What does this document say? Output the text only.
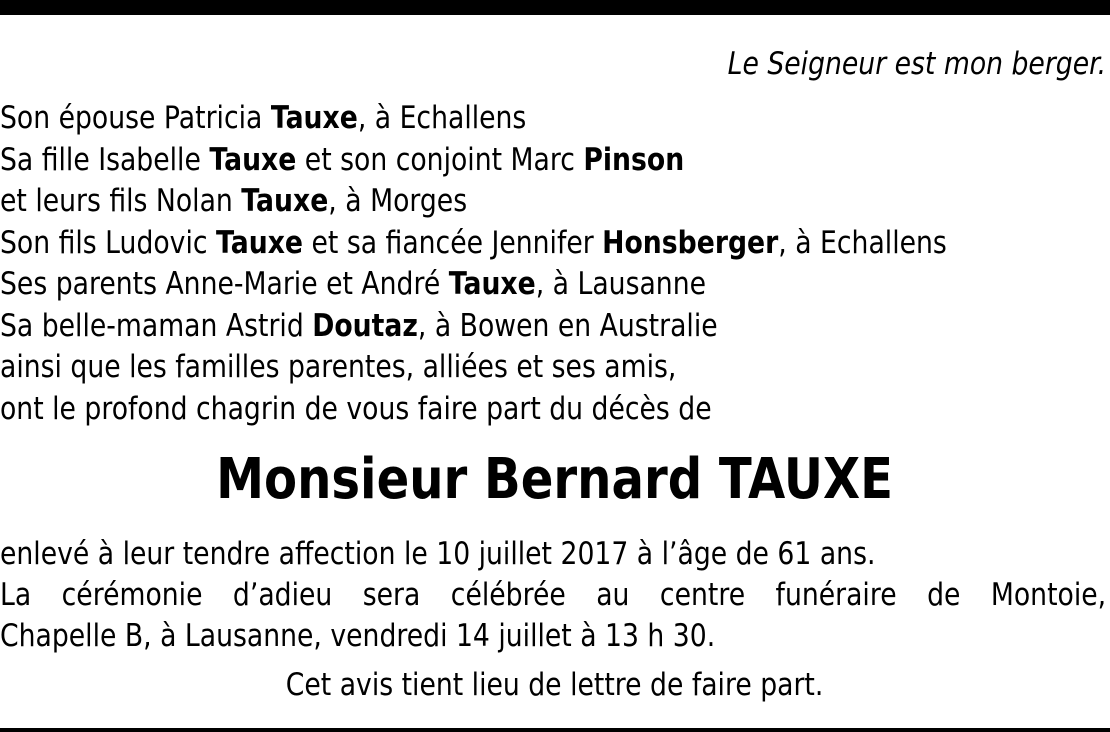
Le Seigneur est mon berger.
Son épouse Patricia Tauxe, à Echallens
Sa fille Isabelle Tauxe et son conjoint Marc Pinson
et leurs fils Nolan Tauxe, à Morges
Son fils Ludovic Tauxe et sa fiancée Jennifer Honsberger, à Echallens
Ses parents Anne-Marie et André Tauxe, à Lausanne
Sa belle-maman Astrid Doutaz, à Bowen en Australie
ainsi que les familles parentes, alliées et ses amis,
ont le profond chagrin de vous faire part du décès de
Monsieur Bernard TAUXE
enlevé à leur tendre affection le 10 juillet 2017 à l’âge de 61 ans.
La cérémonie d’adieu sera célébrée au centre funéraire de Montoie,
Chapelle B, à Lausanne, vendredi 14 juillet à 13 h 30.
Cet avis tient lieu de lettre de faire part.
